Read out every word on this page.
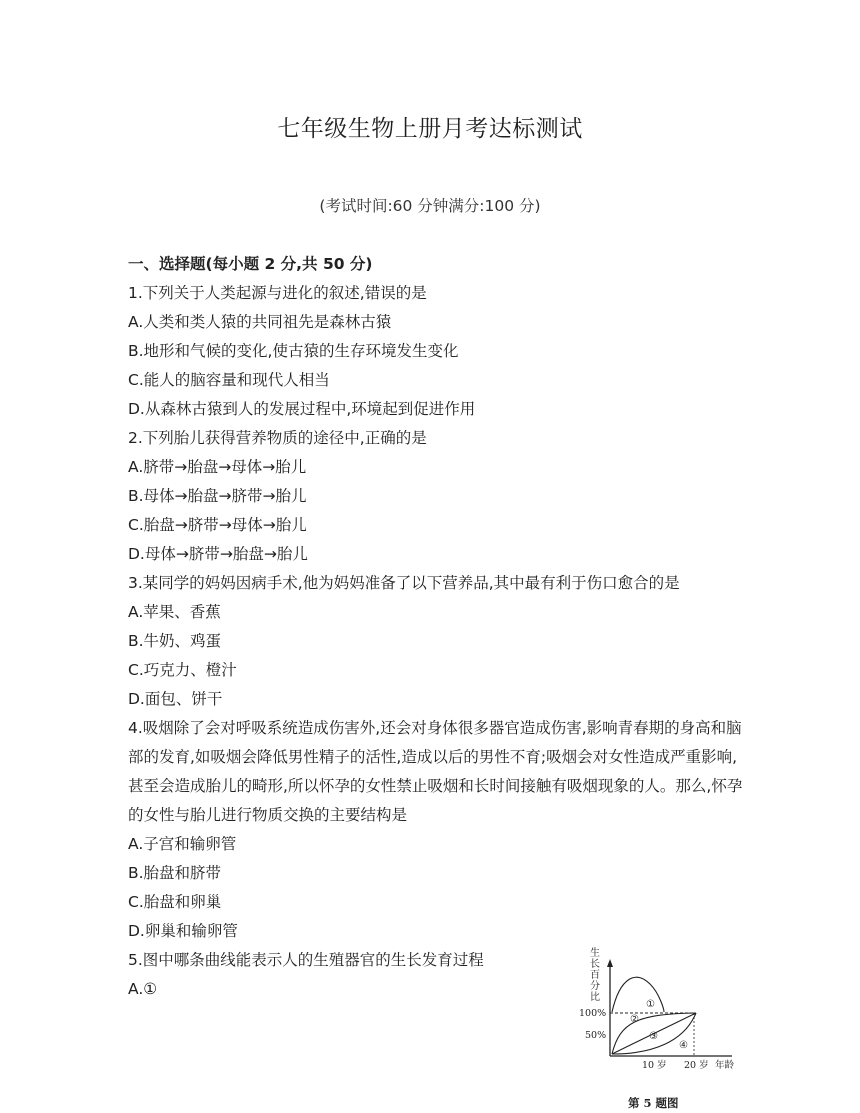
七年级生物上册月考达标测试
(考试时间:60 分钟满分:100 分)
一、选择题(每小题 2 分,共 50 分)
1.下列关于人类起源与进化的叙述,错误的是
A.人类和类人猿的共同祖先是森林古猿
B.地形和气候的变化,使古猿的生存环境发生变化
C.能人的脑容量和现代人相当
D.从森林古猿到人的发展过程中,环境起到促进作用
2.下列胎儿获得营养物质的途径中,正确的是
A.脐带→胎盘→母体→胎儿
B.母体→胎盘→脐带→胎儿
C.胎盘→脐带→母体→胎儿
D.母体→脐带→胎盘→胎儿
3.某同学的妈妈因病手术,他为妈妈准备了以下营养品,其中最有利于伤口愈合的是
A.苹果、香蕉
B.牛奶、鸡蛋
C.巧克力、橙汁
D.面包、饼干
4.吸烟除了会对呼吸系统造成伤害外,还会对身体很多器官造成伤害,影响青春期的身高和脑部的发育,如吸烟会降低男性精子的活性,造成以后的男性不育;吸烟会对女性造成严重影响,甚至会造成胎儿的畸形,所以怀孕的女性禁止吸烟和长时间接触有吸烟现象的人。那么,怀孕的女性与胎儿进行物质交换的主要结构是
A.子宫和输卵管
B.胎盘和脐带
C.胎盘和卵巢
D.卵巢和输卵管
5.图中哪条曲线能表示人的生殖器官的生长发育过程
A.①
生
长
百
分
比
100%
50%
①
②
③
④
10 岁 20 岁 年龄
第 5 题图
